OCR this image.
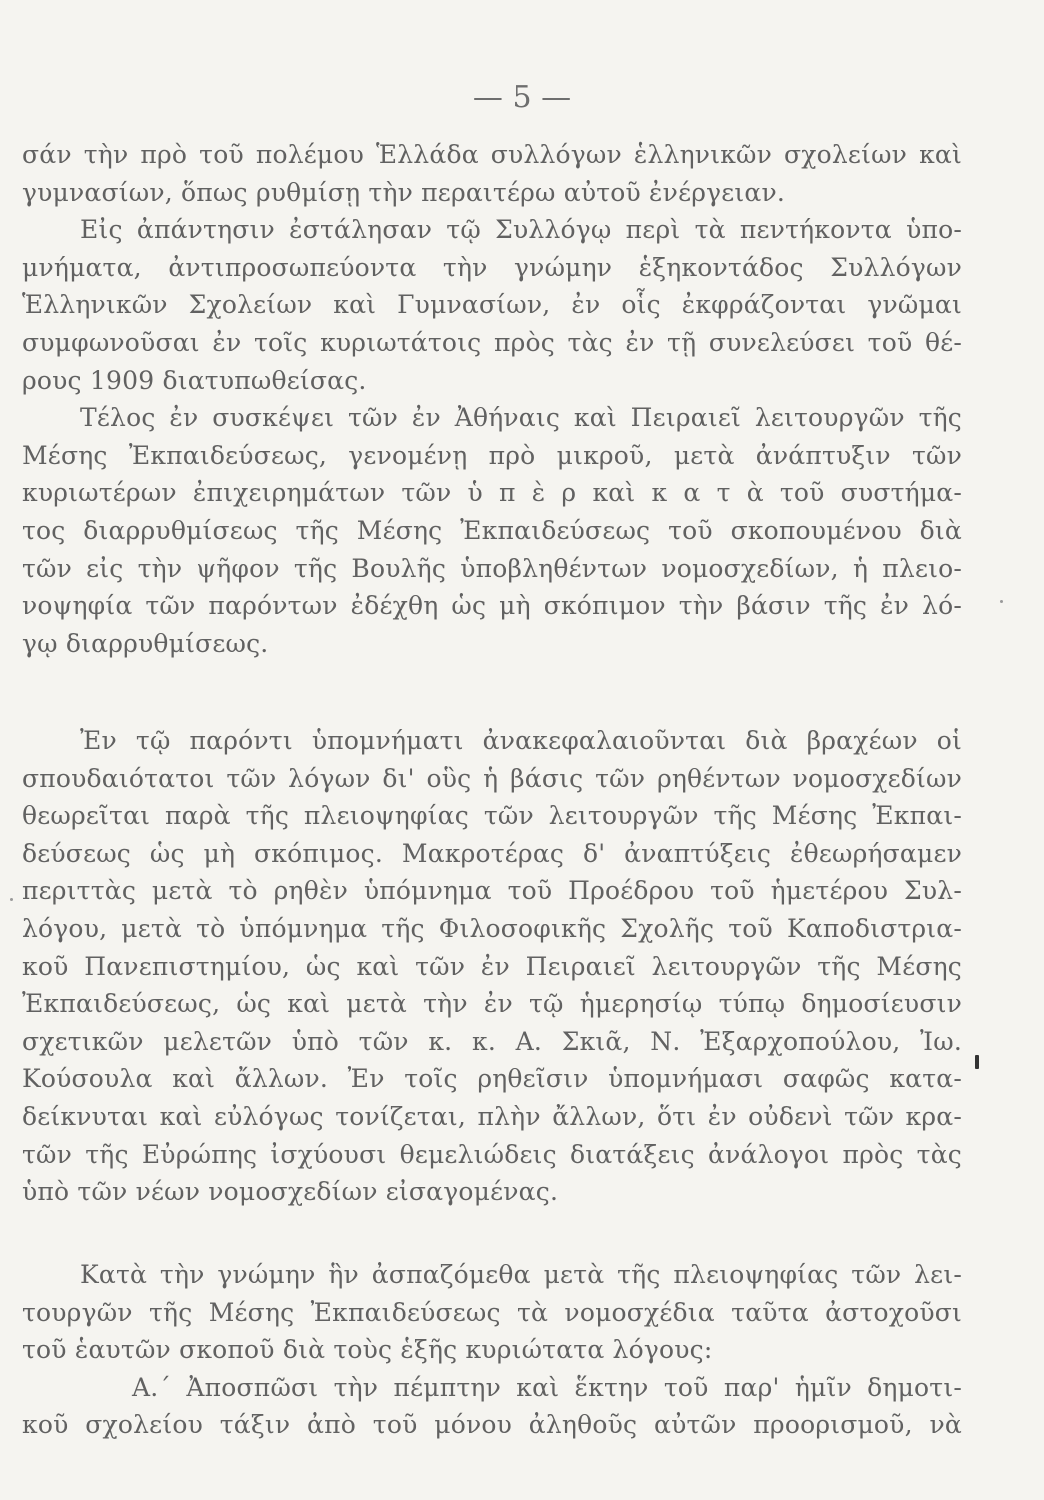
— 5 —
σάν τὴν πρὸ τοῦ πολέμου Ἑλλάδα συλλόγων ἑλληνικῶν σχολείων καὶ
γυμνασίων, ὅπως ρυθμίσῃ τὴν περαιτέρω αὐτοῦ ἐνέργειαν.
Εἰς ἀπάντησιν ἐστάλησαν τῷ Συλλόγῳ περὶ τὰ πεντήκοντα ὑπο-
μνήματα, ἀντιπροσωπεύοντα τὴν γνώμην ἑξηκοντάδος Συλλόγων
Ἑλληνικῶν Σχολείων καὶ Γυμνασίων, ἐν οἷς ἐκφράζονται γνῶμαι
συμφωνοῦσαι ἐν τοῖς κυριωτάτοις πρὸς τὰς ἐν τῇ συνελεύσει τοῦ θέ-
ρους 1909 διατυπωθείσας.
Τέλος ἐν συσκέψει τῶν ἐν Ἀθήναις καὶ Πειραιεῖ λειτουργῶν τῆς
Μέσης Ἐκπαιδεύσεως, γενομένῃ πρὸ μικροῦ, μετὰ ἀνάπτυξιν τῶν
κυριωτέρων ἐπιχειρημάτων τῶν ὑ π ὲ ρ καὶ κ α τ ὰ τοῦ συστήμα-
τος διαρρυθμίσεως τῆς Μέσης Ἐκπαιδεύσεως τοῦ σκοπουμένου διὰ
τῶν εἰς τὴν ψῆφον τῆς Βουλῆς ὑποβληθέντων νομοσχεδίων, ἡ πλειο-
νοψηφία τῶν παρόντων ἐδέχθη ὡς μὴ σκόπιμον τὴν βάσιν τῆς ἐν λό-
γῳ διαρρυθμίσεως.
Ἐν τῷ παρόντι ὑπομνήματι ἀνακεφαλαιοῦνται διὰ βραχέων οἱ
σπουδαιότατοι τῶν λόγων δι' οὓς ἡ βάσις τῶν ρηθέντων νομοσχεδίων
θεωρεῖται παρὰ τῆς πλειοψηφίας τῶν λειτουργῶν τῆς Μέσης Ἐκπαι-
δεύσεως ὡς μὴ σκόπιμος. Μακροτέρας δ' ἀναπτύξεις ἐθεωρήσαμεν
περιττὰς μετὰ τὸ ρηθὲν ὑπόμνημα τοῦ Προέδρου τοῦ ἡμετέρου Συλ-
λόγου, μετὰ τὸ ὑπόμνημα τῆς Φιλοσοφικῆς Σχολῆς τοῦ Καποδιστρια-
κοῦ Πανεπιστημίου, ὡς καὶ τῶν ἐν Πειραιεῖ λειτουργῶν τῆς Μέσης
Ἐκπαιδεύσεως, ὡς καὶ μετὰ τὴν ἐν τῷ ἡμερησίῳ τύπῳ δημοσίευσιν
σχετικῶν μελετῶν ὑπὸ τῶν κ. κ. Α. Σκιᾶ, Ν. Ἐξαρχοπούλου, Ἰω.
Κούσουλα καὶ ἄλλων. Ἐν τοῖς ρηθεῖσιν ὑπομνήμασι σαφῶς κατα-
δείκνυται καὶ εὐλόγως τονίζεται, πλὴν ἄλλων, ὅτι ἐν οὐδενὶ τῶν κρα-
τῶν τῆς Εὐρώπης ἰσχύουσι θεμελιώδεις διατάξεις ἀνάλογοι πρὸς τὰς
ὑπὸ τῶν νέων νομοσχεδίων εἰσαγομένας.
Κατὰ τὴν γνώμην ἣν ἀσπαζόμεθα μετὰ τῆς πλειοψηφίας τῶν λει-
τουργῶν τῆς Μέσης Ἐκπαιδεύσεως τὰ νομοσχέδια ταῦτα ἀστοχοῦσι
τοῦ ἑαυτῶν σκοποῦ διὰ τοὺς ἑξῆς κυριώτατα λόγους:
Α.´ Ἀποσπῶσι τὴν πέμπτην καὶ ἕκτην τοῦ παρ' ἡμῖν δημοτι-
κοῦ σχολείου τάξιν ἀπὸ τοῦ μόνου ἀληθοῦς αὐτῶν προορισμοῦ, νὰ
